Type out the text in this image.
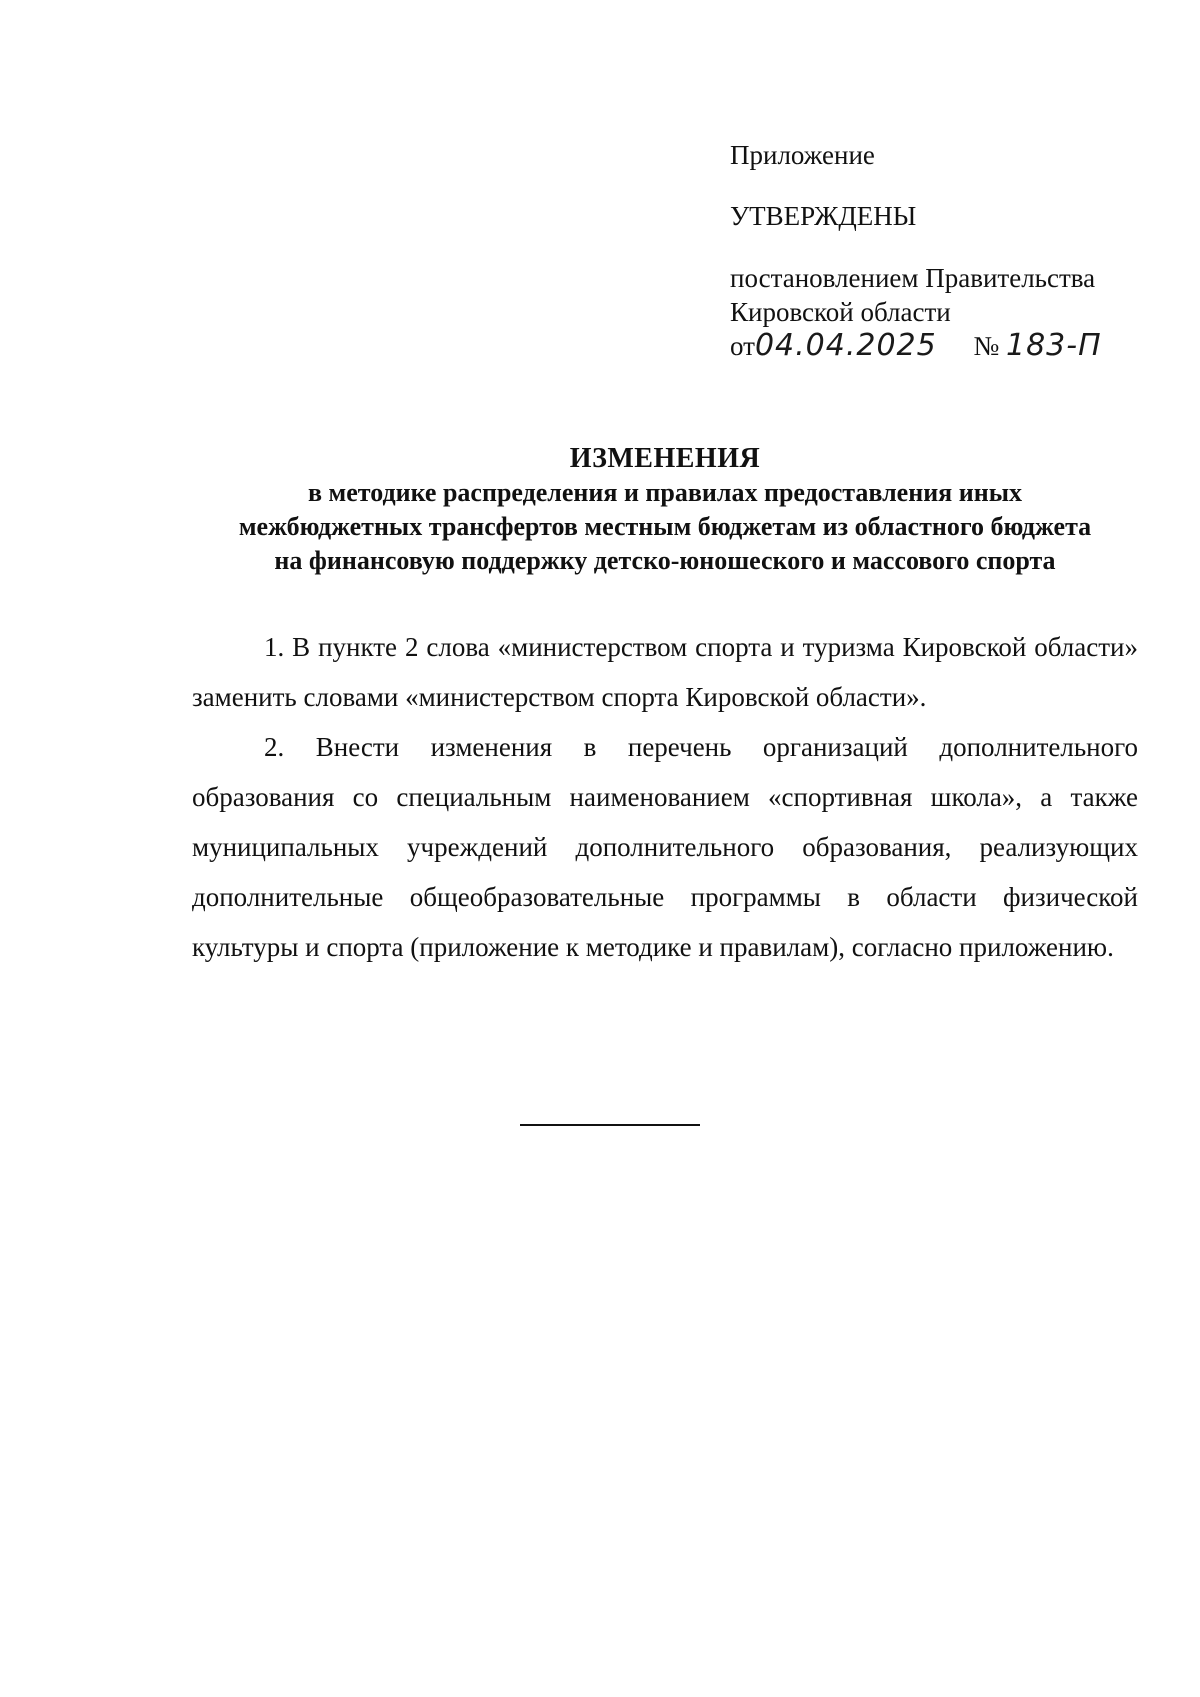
Приложение
УТВЕРЖДЕНЫ
постановлением Правительства
Кировской области
от04.04.2025 № 183-П
ИЗМЕНЕНИЯ
в методике распределения и правилах предоставления иных
межбюджетных трансфертов местным бюджетам из областного бюджета
на финансовую поддержку детско-юношеского и массового спорта

1. В пункте 2 слова «министерством спорта и туризма Кировской области» заменить словами «министерством спорта Кировской области».

2. Внести изменения в перечень организаций дополнительного образования со специальным наименованием «спортивная школа», а также муниципальных учреждений дополнительного образования, реализующих дополнительные общеобразовательные программы в области физической культуры и спорта (приложение к методике и правилам), согласно приложению.
